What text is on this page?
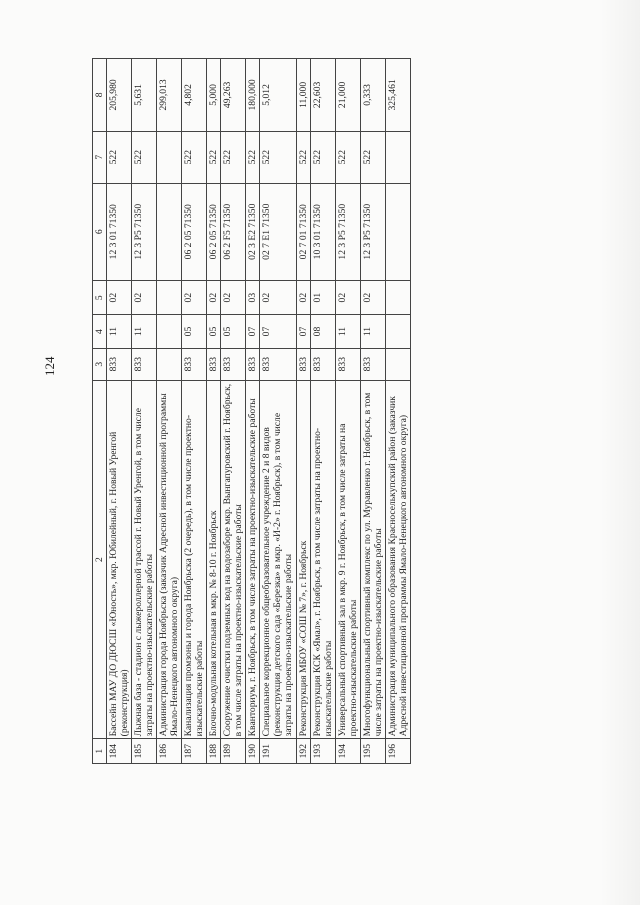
124
1	2	3	4	5	6	7	8
184	Бассейн МАУ ДО ДЮСШ «Юность», мкр. Юбилейный, г. Новый Уренгой (реконструкция)	833	11	02	12 3 01 71350	522	205,980
185	Лыжная база - стадион с лыжероллерной трассой г. Новый Уренгой, в том числе затраты на проектно-изыскательские работы	833	11	02	12 3 P5 71350	522	5,631
186	Администрация города Ноябрьска (заказчик Адресной инвестиционной программы Ямало-Ненецкого автономного округа)						299,013
187	Канализация промзоны и города Ноябрьска (2 очередь), в том числе проектно- изыскательские работы	833	05	02	06 2 05 71350	522	4,802
188	Блочно-модульная котельная в мкр. № 8-10 г. Ноябрьск	833	05	02	06 2 05 71350	522	5,000
189	Сооружение очистки подземных вод на водозаборе мкр. Вынгапуровский г. Ноябрьск, в том числе затраты на проектно-изыскательские работы	833	05	02	06 2 F5 71350	522	49,263
190	Кванториум, г. Ноябрьск, в том числе затраты на проектно-изыскательские работы	833	07	03	02 3 E2 71350	522	180,000
191	Специальное коррекционное общеобразовательное учреждение 2 и 8 видов (реконструкция детского сада «Березка» в мкр. «И-2» г. Ноябрьск), в том числе затраты на проектно-изыскательские работы	833	07	02	02 7 E1 71350	522	5,012
192	Реконструкция МБОУ «СОШ № 7», г. Ноябрьск	833	07	02	02 7 01 71350	522	11,000
193	Реконструкция КСК «Ямал», г. Ноябрьск, в том числе затраты на проектно-изыскательские работы	833	08	01	10 3 01 71350	522	22,603
194	Универсальный спортивный зал в мкр. 9 г. Ноябрьск, в том числе затраты на проектно-изыскательские работы	833	11	02	12 3 P5 71350	522	21,000
195	Многофункциональный спортивный комплекс по ул. Муравленко г. Ноябрьск, в том числе затраты на проектно-изыскательские работы	833	11	02	12 3 P5 71350	522	0,333
196	Администрация муниципального образования Красноселькупский район (заказчик Адресной инвестиционной программы Ямало-Ненецкого автономного округа)						325,461
